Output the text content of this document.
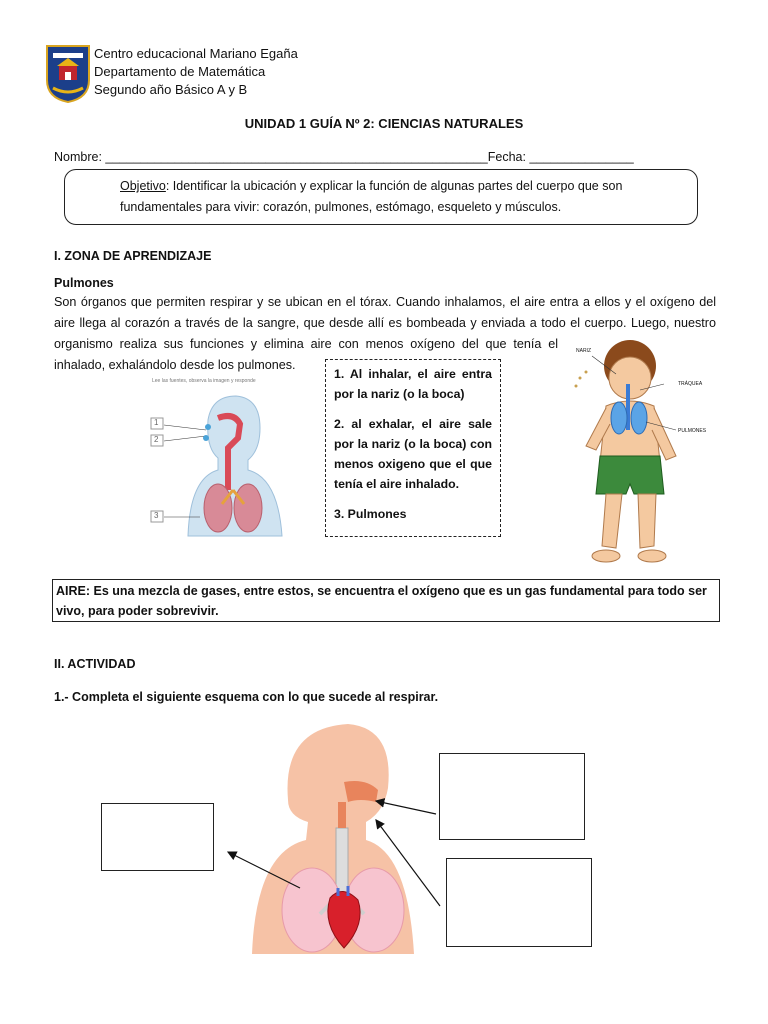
Centro educacional Mariano Egaña
Departamento de Matemática
Segundo año Básico A y B
UNIDAD 1 GUÍA Nº 2: CIENCIAS NATURALES
Nombre: _______________________________________________________Fecha: _______________
Objetivo: Identificar la ubicación y explicar la función de algunas partes del cuerpo que son fundamentales para vivir: corazón, pulmones, estómago, esqueleto y músculos.
I. ZONA DE APRENDIZAJE
Pulmones
Son órganos que permiten respirar y se ubican en el tórax. Cuando inhalamos, el aire entra a ellos y el oxígeno del
aire llega al corazón a través de la sangre, que desde allí es bombeada y enviada a todo el cuerpo. Luego, nuestro
organismo realiza sus funciones y elimina aire con menos oxígeno del que tenía el
inhalado, exhalándolo desde los pulmones.
Lee las fuentes, observa la imagen y responde
1
2
3
1. Al inhalar, el aire entra por la nariz (o la boca)
2. al exhalar, el aire sale por la nariz (o la boca) con menos oxigeno que el que tenía el aire inhalado.
3. Pulmones
NARIZ
TRÁQUEA
PULMONES
AIRE: Es una mezcla de gases, entre estos, se encuentra el oxígeno que es un gas fundamental para todo ser vivo, para poder sobrevivir.
II. ACTIVIDAD
1.- Completa el siguiente esquema con lo que sucede al respirar.
